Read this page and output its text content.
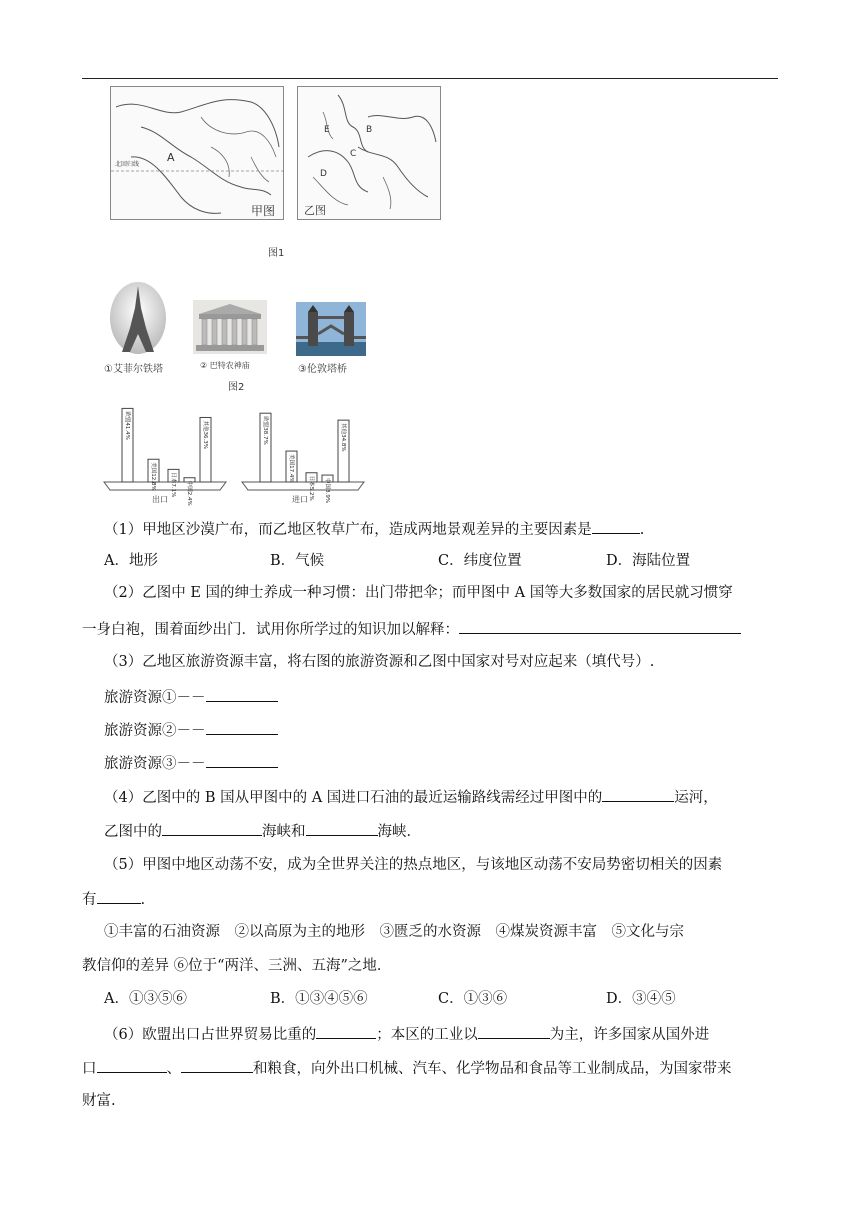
A
北回归线
甲图
E	B
C
D
乙图
图1
①艾菲尔铁塔	② 巴特农神庙	③伦敦塔桥
图2
欧盟41.4%
美国12.8%	日本7.1%	中国2.4%
其他36.3%	欧盟38.7%
美国17.4%
日本5.2%	中国3.9%
其他34.8%
出口	进口
（1）甲地区沙漠广布，而乙地区牧草广布，造成两地景观差异的主要因素是	.
A．地形	B．气候	C．纬度位置	D．海陆位置
（2）乙图中 E 国的绅士养成一种习惯：出门带把伞；而甲图中 A 国等大多数国家的居民就习惯穿
一身白袍，围着面纱出门．试用你所学过的知识加以解释：
（3）乙地区旅游资源丰富，将右图的旅游资源和乙图中国家对号对应起来（填代号）.
旅游资源①－－
旅游资源②－－
旅游资源③－－
（4）乙图中的 B 国从甲图中的 A 国进口石油的最近运输路线需经过甲图中的	运河，
乙图中的	海峡和	海峡．
（5）甲图中地区动荡不安，成为全世界关注的热点地区，与该地区动荡不安局势密切相关的因素
有	.
①丰富的石油资源　②以高原为主的地形　③匮乏的水资源　④煤炭资源丰富　⑤文化与宗
教信仰的差异 ⑥位于“两洋、三洲、五海”之地．
A．①③⑤⑥	B．①③④⑤⑥	C．①③⑥	D．③④⑤
（6）欧盟出口占世界贸易比重的	；本区的工业以	为主，许多国家从国外进
口	、	和粮食，向外出口机械、汽车、化学物品和食品等工业制成品，为国家带来
财富.
